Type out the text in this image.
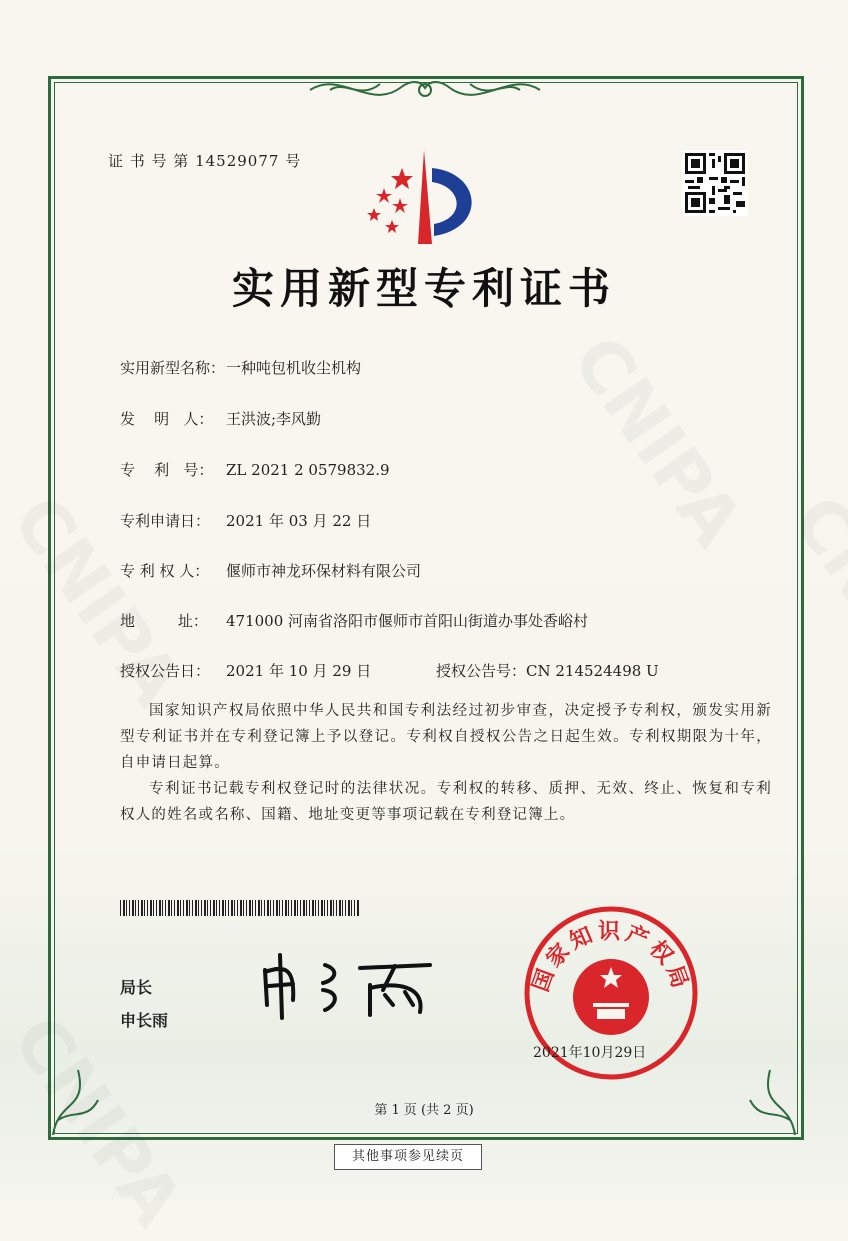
证 书 号 第 14529077 号
实用新型专利证书
实用新型名称：一种吨包机收尘机构
发    明   人： 王洪波;李风勤
专    利   号： ZL 2021 2 0579832.9
专利申请日： 2021 年 03 月 22 日
专 利 权 人： 偃师市神龙环保材料有限公司
地         址： 471000 河南省洛阳市偃师市首阳山街道办事处香峪村
授权公告日： 2021 年 10 月 29 日	授权公告号：CN 214524498 U

国家知识产权局依照中华人民共和国专利法经过初步审查，决定授予专利权，颁发实用新型专利证书并在专利登记簿上予以登记。专利权自授权公告之日起生效。专利权期限为十年，自申请日起算。

专利证书记载专利权登记时的法律状况。专利权的转移、质押、无效、终止、恢复和专利权人的姓名或名称、国籍、地址变更等事项记载在专利登记簿上。

局长
申长雨
国家知识产权局
2021年10月29日
第 1 页 (共 2 页)
其他事项参见续页
